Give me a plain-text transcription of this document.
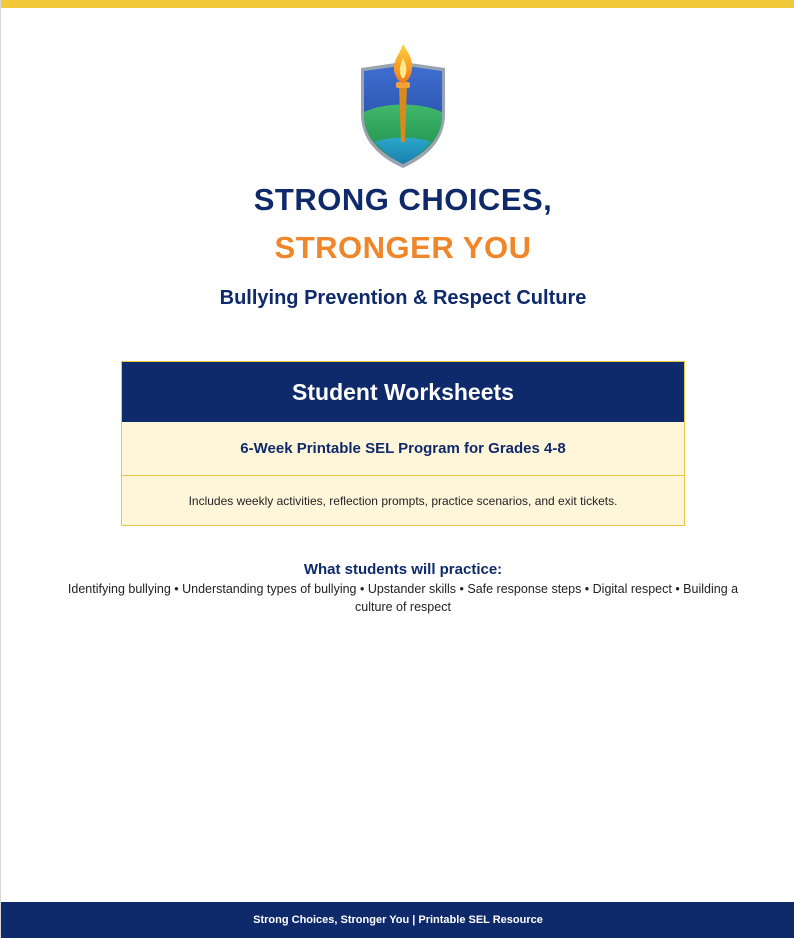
STRONG CHOICES,
STRONGER YOU
Bullying Prevention & Respect Culture
Student Worksheets
6-Week Printable SEL Program for Grades 4-8
Includes weekly activities, reflection prompts, practice scenarios, and exit tickets.
What students will practice:
Identifying bullying • Understanding types of bullying • Upstander skills • Safe response steps • Digital respect • Building a culture of respect
Strong Choices, Stronger You | Printable SEL Resource
